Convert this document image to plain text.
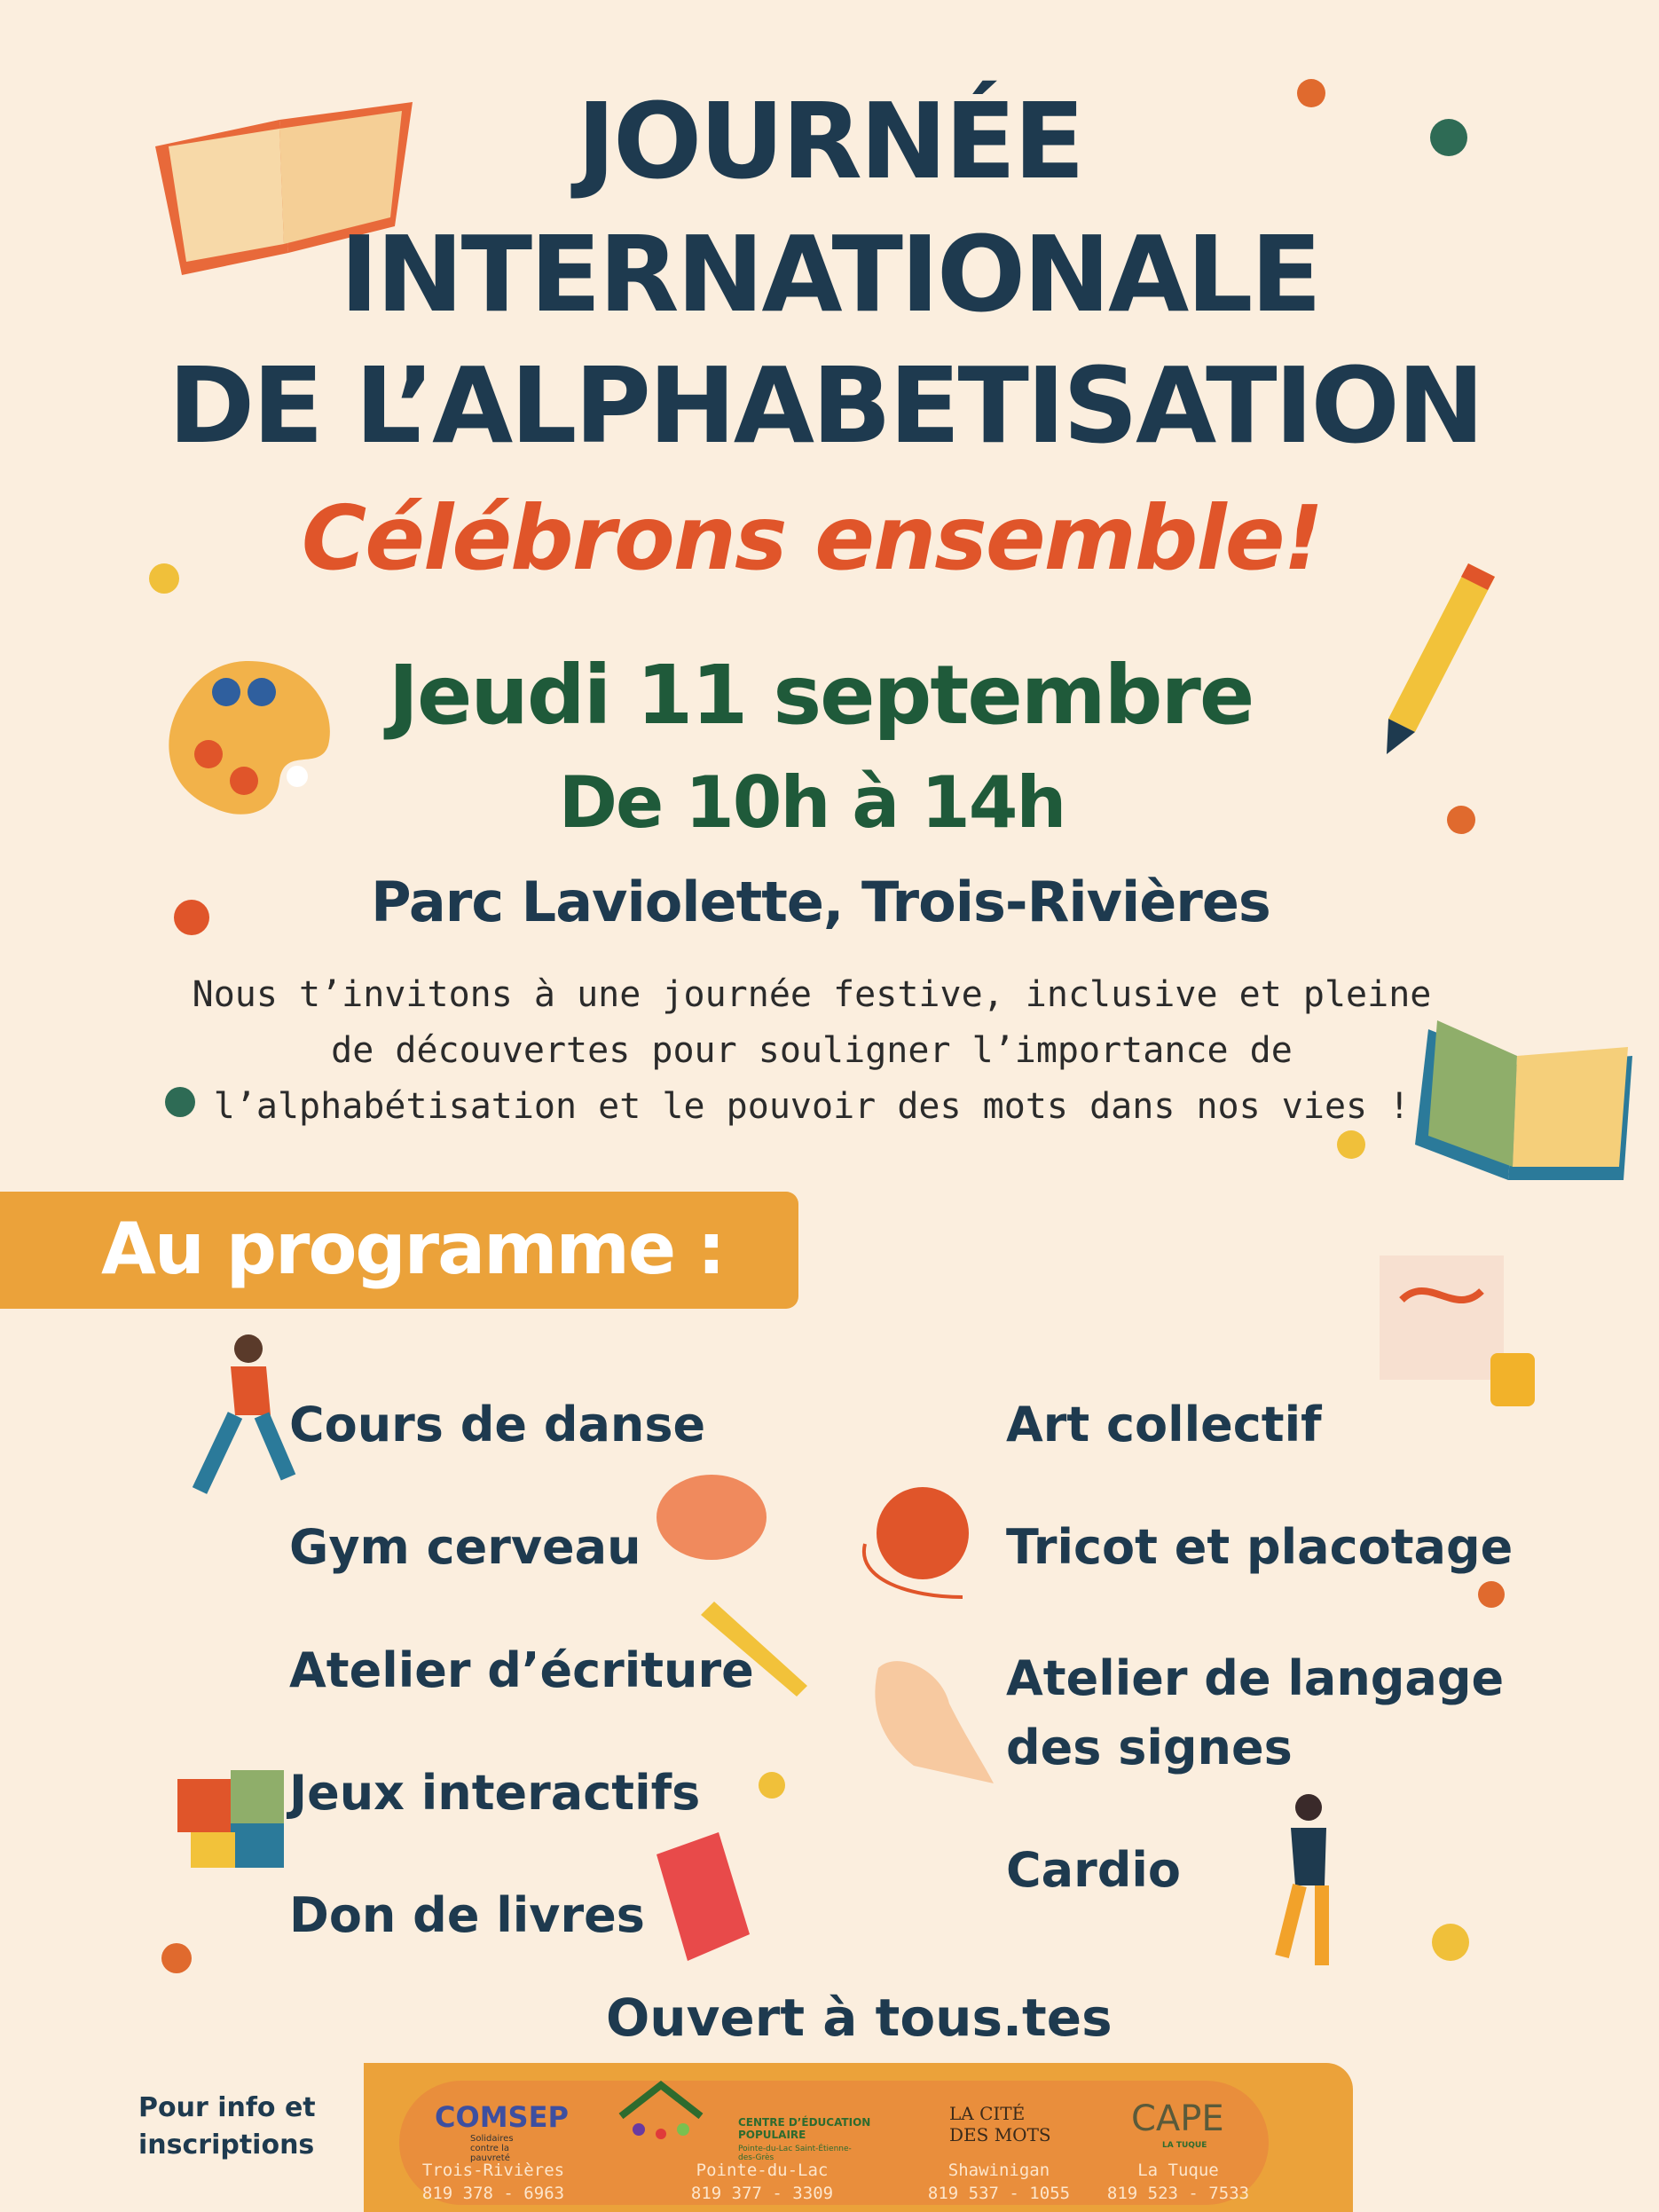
JOURNÉE
INTERNATIONALE
DE L’ALPHABETISATION
Célébrons ensemble!
Jeudi 11 septembre
De 10h à 14h
Parc Laviolette, Trois-Rivières
Nous t’invitons à une journée festive, inclusive et pleine
de découvertes pour souligner l’importance de
l’alphabétisation et le pouvoir des mots dans nos vies !
Au programme :
Cours de danse
Gym cerveau
Atelier d’écriture
Jeux interactifs
Don de livres
Art collectif
Tricot et placotage
Atelier de langage
des signes
Cardio
Ouvert à tous.tes
Pour info et
inscriptions
COMSEP
Solidaires contre la pauvreté
CENTRE D’ÉDUCATION POPULAIRE
Pointe-du-Lac Saint-Étienne-des-Grès
LA CITÉ DES MOTS CAPE
LA TUQUE
Trois-Rivières
819 378 - 6963
Pointe-du-Lac
819 377 - 3309
Shawinigan
819 537 - 1055
La Tuque
819 523 - 7533
